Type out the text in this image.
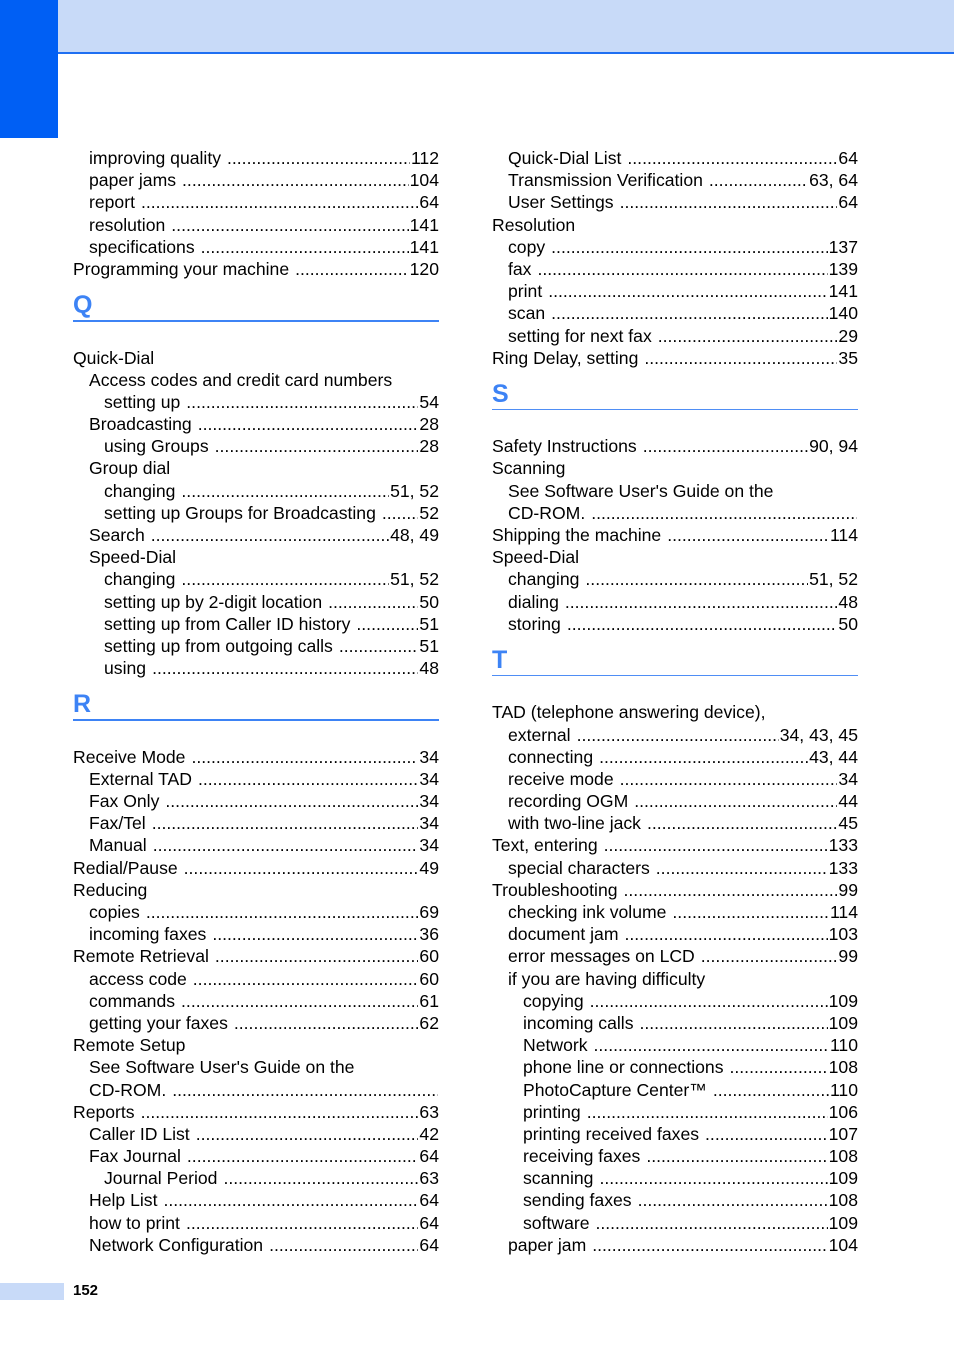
improving quality .....	112
paper jams .....	104
report .....	64
resolution .....	141
specifications .....	141
Programming your machine .....	120
Q
Quick-Dial
Access codes and credit card numbers
setting up .....	54
Broadcasting .....	28
using Groups .....	28
Group dial
changing .....	51, 52
setting up Groups for Broadcasting ..... 52
Search .....	48, 49
Speed-Dial
changing .....	51, 52
setting up by 2-digit location .....	50
setting up from Caller ID history .....	51
setting up from outgoing calls .....	51
using .....	48
R
Receive Mode .....	34
External TAD .....	34
Fax Only .....	34
Fax/Tel .....	34
Manual .....	34
Redial/Pause .....	49
Reducing
copies .....	69
incoming faxes .....	36
Remote Retrieval .....	60
access code .....	60
commands .....	61
getting your faxes .....	62
Remote Setup
See Software User's Guide on the
CD-ROM.
.....
Reports .....	63
Caller ID List .....	42
Fax Journal .....	64
Journal Period .....	63
Help List .....	64
how to print .....	64
Network Configuration .....	64
Quick-Dial List .....	64
Transmission Verification .....	63, 64
User Settings .....	64
Resolution
copy .....	137
fax .....	139
print .....	141
scan .....	140
setting for next fax .....	29
Ring Delay, setting .....	35
S
Safety Instructions .....	90, 94
Scanning
See Software User's Guide on the
CD-ROM.
.....
Shipping the machine .....	114
Speed-Dial
changing .....	51, 52
dialing .....	48
storing .....	50
T
TAD (telephone answering device),
external .....	34, 43, 45
connecting .....	43, 44
receive mode .....	34
recording OGM .....	44
with two-line jack .....	45
Text, entering .....	133
special characters .....	133
Troubleshooting .....	99
checking ink volume .....	114
document jam .....	103
error messages on LCD .....	99
if you are having difficulty
copying .....	109
incoming calls .....	109
Network .....	110
phone line or connections .....	108
PhotoCapture Center™ .....	110
printing .....	106
printing received faxes .....	107
receiving faxes .....	108
scanning .....	109
sending faxes .....	108
software .....	109
paper jam .....	104
152
